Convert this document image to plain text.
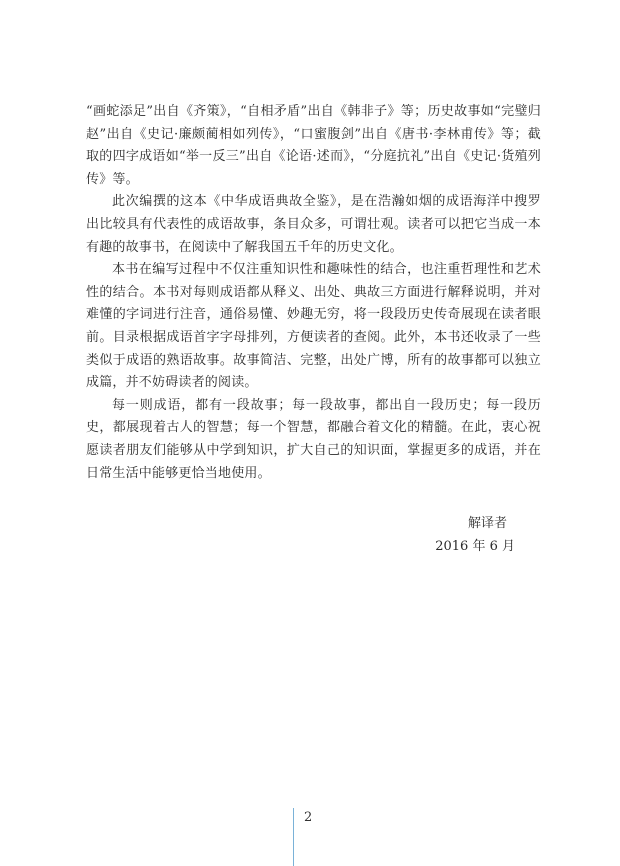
“画蛇添足”出自《齐策》，“自相矛盾”出自《韩非子》等；历史故事如“完璧归赵”出自《史记·廉颇蔺相如列传》，“口蜜腹剑”出自《唐书·李林甫传》等；截取的四字成语如“举一反三”出自《论语·述而》，“分庭抗礼”出自《史记·货殖列传》等。

此次编撰的这本《中华成语典故全鉴》，是在浩瀚如烟的成语海洋中搜罗出比较具有代表性的成语故事，条目众多，可谓壮观。读者可以把它当成一本有趣的故事书，在阅读中了解我国五千年的历史文化。

本书在编写过程中不仅注重知识性和趣味性的结合，也注重哲理性和艺术性的结合。本书对每则成语都从释义、出处、典故三方面进行解释说明，并对难懂的字词进行注音，通俗易懂、妙趣无穷，将一段段历史传奇展现在读者眼前。目录根据成语首字字母排列，方便读者的查阅。此外，本书还收录了一些类似于成语的熟语故事。故事简洁、完整，出处广博，所有的故事都可以独立成篇，并不妨碍读者的阅读。

每一则成语，都有一段故事；每一段故事，都出自一段历史；每一段历史，都展现着古人的智慧；每一个智慧，都融合着文化的精髓。在此，衷心祝愿读者朋友们能够从中学到知识，扩大自己的知识面，掌握更多的成语，并在日常生活中能够更恰当地使用。

解译者
2016 年 6 月
2
